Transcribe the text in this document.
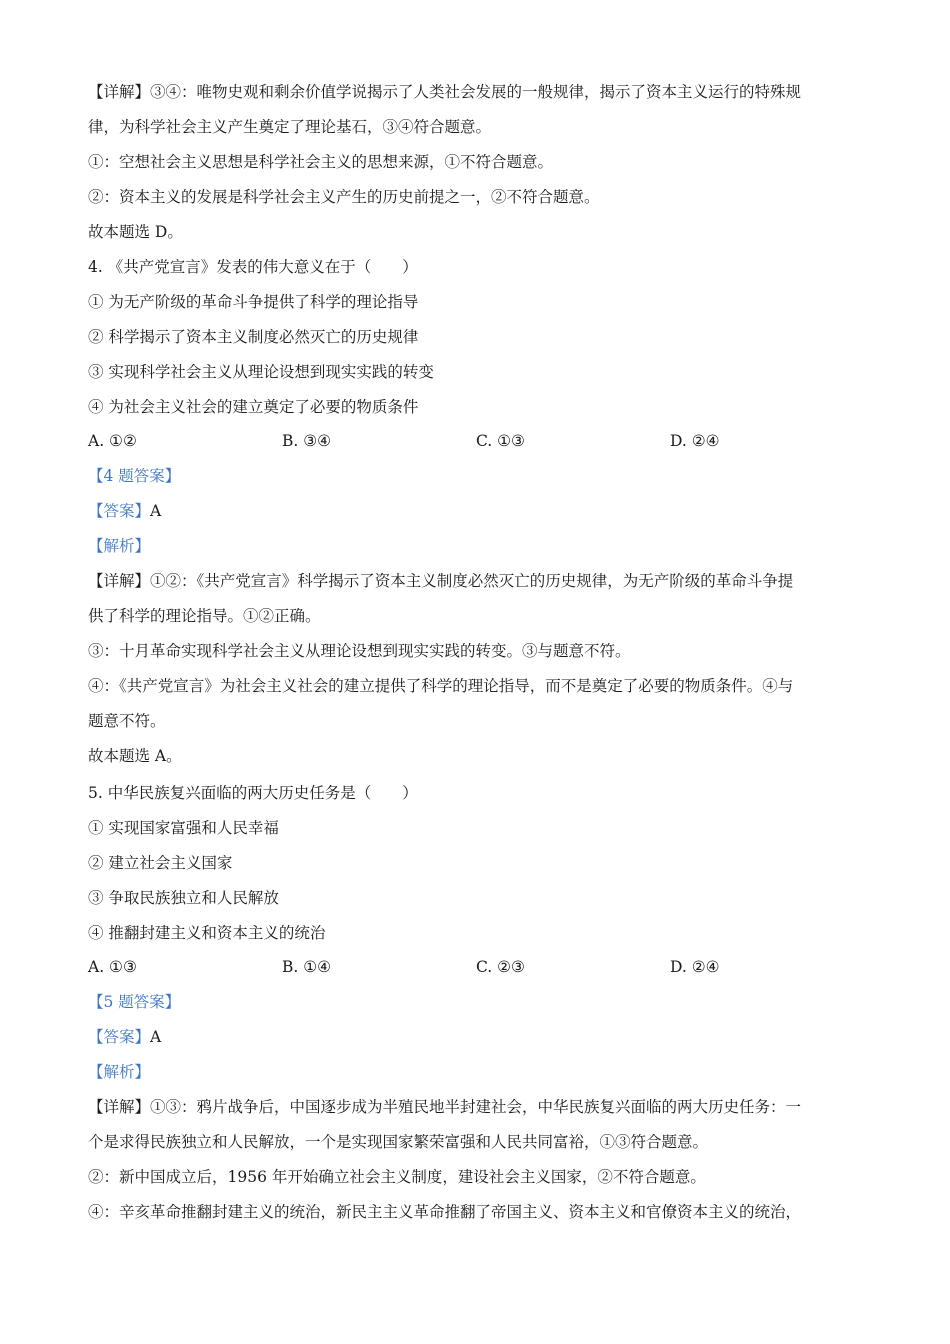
【详解】③④：唯物史观和剩余价值学说揭示了人类社会发展的一般规律，揭示了资本主义运行的特殊规
律，为科学社会主义产生奠定了理论基石，③④符合题意。
①：空想社会主义思想是科学社会主义的思想来源，①不符合题意。
②：资本主义的发展是科学社会主义产生的历史前提之一，②不符合题意。
故本题选 D。
4. 《共产党宣言》发表的伟大意义在于（　　）
① 为无产阶级的革命斗争提供了科学的理论指导
② 科学揭示了资本主义制度必然灭亡的历史规律
③ 实现科学社会主义从理论设想到现实实践的转变
④ 为社会主义社会的建立奠定了必要的物质条件
A. ①②	B. ③④	C. ①③	D. ②④
【4 题答案】
【答案】A
【解析】
【详解】①②：《共产党宣言》科学揭示了资本主义制度必然灭亡的历史规律，为无产阶级的革命斗争提
供了科学的理论指导。①②正确。
③：十月革命实现科学社会主义从理论设想到现实实践的转变。③与题意不符。
④：《共产党宣言》为社会主义社会的建立提供了科学的理论指导，而不是奠定了必要的物质条件。④与
题意不符。
故本题选 A。
5. 中华民族复兴面临的两大历史任务是（　　）
① 实现国家富强和人民幸福
② 建立社会主义国家
③ 争取民族独立和人民解放
④ 推翻封建主义和资本主义的统治
A. ①③	B. ①④	C. ②③	D. ②④
【5 题答案】
【答案】A
【解析】
【详解】①③：鸦片战争后，中国逐步成为半殖民地半封建社会，中华民族复兴面临的两大历史任务：一
个是求得民族独立和人民解放，一个是实现国家繁荣富强和人民共同富裕，①③符合题意。
②：新中国成立后，1956 年开始确立社会主义制度，建设社会主义国家，②不符合题意。
④：辛亥革命推翻封建主义的统治，新民主主义革命推翻了帝国主义、资本主义和官僚资本主义的统治，
